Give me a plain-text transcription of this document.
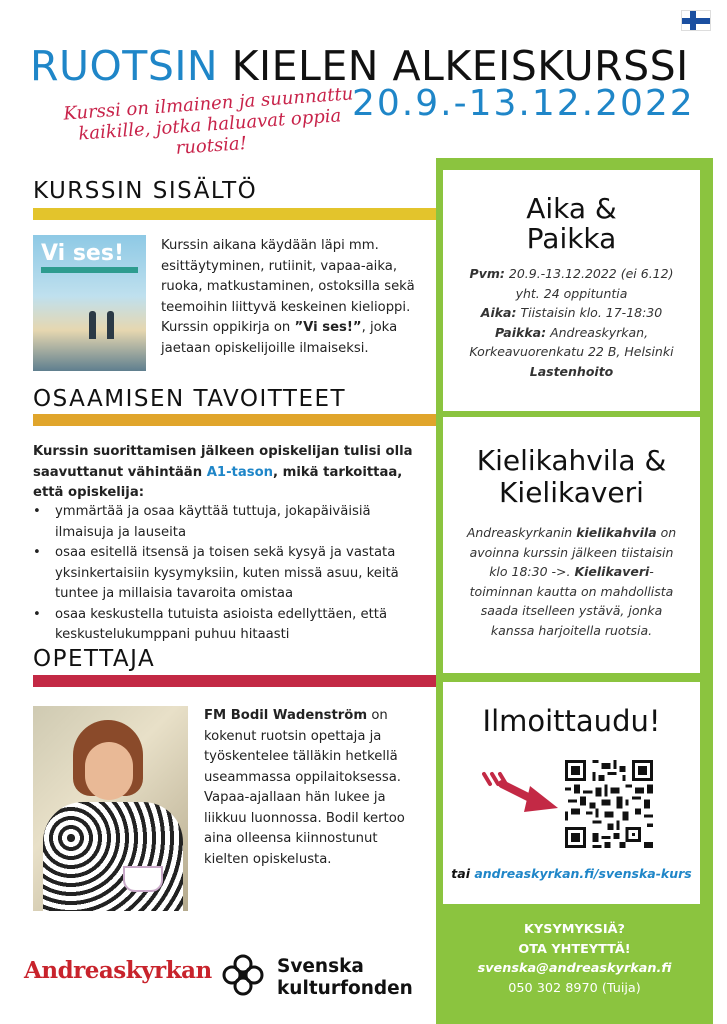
RUOTSIN KIELEN ALKEISKURSSI
20.9.-13.12.2022
Kurssi on ilmainen ja suunnattu kaikille, jotka haluavat oppia ruotsia!
KURSSIN SISÄLTÖ
Vi ses!	Kurssin aikana käydään läpi mm. esittäytyminen, rutiinit, vapaa-aika, ruoka, matkustaminen, ostoksilla sekä teemoihin liittyvä keskeinen kielioppi. Kurssin oppikirja on ”Vi ses!”, joka jaetaan opiskelijoille ilmaiseksi.
OSAAMISEN TAVOITTEET
Kurssin suorittamisen jälkeen opiskelijan tulisi olla saavuttanut vähintään A1-tason, mikä tarkoittaa, että opiskelija:
•	ymmärtää ja osaa käyttää tuttuja, jokapäiväisiä ilmaisuja ja lauseita
•	osaa esitellä itsensä ja toisen sekä kysyä ja vastata yksinkertaisiin kysymyksiin, kuten missä asuu, keitä tuntee ja millaisia tavaroita omistaa
•	osaa keskustella tutuista asioista edellyttäen, että keskustelukumppani puhuu hitaasti
OPETTAJA
FM Bodil Wadenström on kokenut ruotsin opettaja ja työskentelee tälläkin hetkellä useammassa oppilaitoksessa. Vapaa-ajallaan hän lukee ja liikkuu luonnossa. Bodil kertoo aina olleensa kiinnostunut kielten opiskelusta.
Aika &
Paikka
Pvm: 20.9.-13.12.2022 (ei 6.12)
yht. 24 oppituntia
Aika: Tiistaisin klo. 17-18:30
Paikka: Andreaskyrkan, Korkeavuorenkatu 22 B, Helsinki
Lastenhoito
Kielikahvila &
Kielikaveri
Andreaskyrkanin kielikahvila on avoinna kurssin jälkeen tiistaisin klo 18:30 ->. Kielikaveri-toiminnan kautta on mahdollista saada itselleen ystävä, jonka kanssa harjoitella ruotsia.
Ilmoittaudu!
tai andreaskyrkan.fi/svenska-kurs
KYSYMYKSIÄ?
OTA YHTEYTTÄ!
svenska@andreaskyrkan.fi
050 302 8970 (Tuija)
Andreaskyrkan	Svenska
kulturfonden
